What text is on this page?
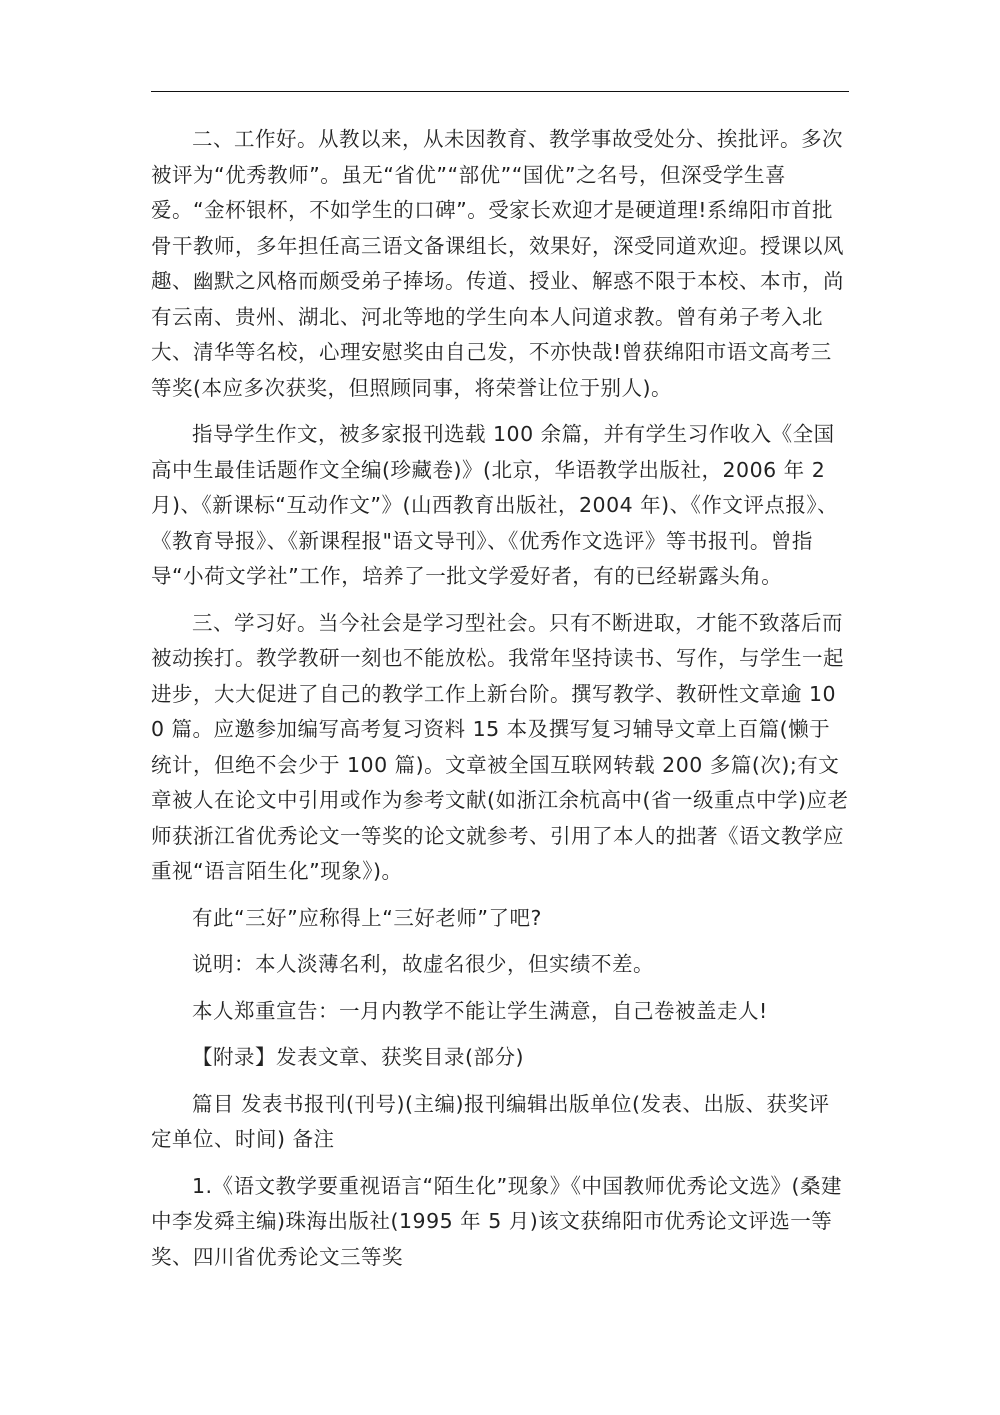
二、工作好。从教以来，从未因教育、教学事故受处分、挨批评。多次被评为“优秀教师”。虽无“省优”“部优”“国优”之名号，但深受学生喜爱。“金杯银杯，不如学生的口碑”。受家长欢迎才是硬道理!系绵阳市首批骨干教师，多年担任高三语文备课组长，效果好，深受同道欢迎。授课以风趣、幽默之风格而颇受弟子捧场。传道、授业、解惑不限于本校、本市，尚有云南、贵州、湖北、河北等地的学生向本人问道求教。曾有弟子考入北大、清华等名校，心理安慰奖由自己发，不亦快哉!曾获绵阳市语文高考三等奖(本应多次获奖，但照顾同事，将荣誉让位于别人)。

指导学生作文，被多家报刊选载 100 余篇，并有学生习作收入《全国高中生最佳话题作文全编(珍藏卷)》(北京，华语教学出版社，2006 年 2 月)、《新课标“互动作文”》(山西教育出版社，2004 年)、《作文评点报》、《教育导报》、《新课程报"语文导刊》、《优秀作文选评》等书报刊。曾指导“小荷文学社”工作，培养了一批文学爱好者，有的已经崭露头角。

三、学习好。当今社会是学习型社会。只有不断进取，才能不致落后而被动挨打。教学教研一刻也不能放松。我常年坚持读书、写作，与学生一起进步，大大促进了自己的教学工作上新台阶。撰写教学、教研性文章逾 100 篇。应邀参加编写高考复习资料 15 本及撰写复习辅导文章上百篇(懒于统计，但绝不会少于 100 篇)。文章被全国互联网转载 200 多篇(次);有文章被人在论文中引用或作为参考文献(如浙江余杭高中(省一级重点中学)应老师获浙江省优秀论文一等奖的论文就参考、引用了本人的拙著《语文教学应重视“语言陌生化”现象》)。

有此“三好”应称得上“三好老师”了吧?

说明：本人淡薄名利，故虚名很少，但实绩不差。

本人郑重宣告：一月内教学不能让学生满意，自己卷被盖走人!

【附录】发表文章、获奖目录(部分)

篇目 发表书报刊(刊号)(主编)报刊编辑出版单位(发表、出版、获奖评定单位、时间) 备注

1.《语文教学要重视语言“陌生化”现象》《中国教师优秀论文选》(桑建中李发舜主编)珠海出版社(1995 年 5 月)该文获绵阳市优秀论文评选一等奖、四川省优秀论文三等奖
